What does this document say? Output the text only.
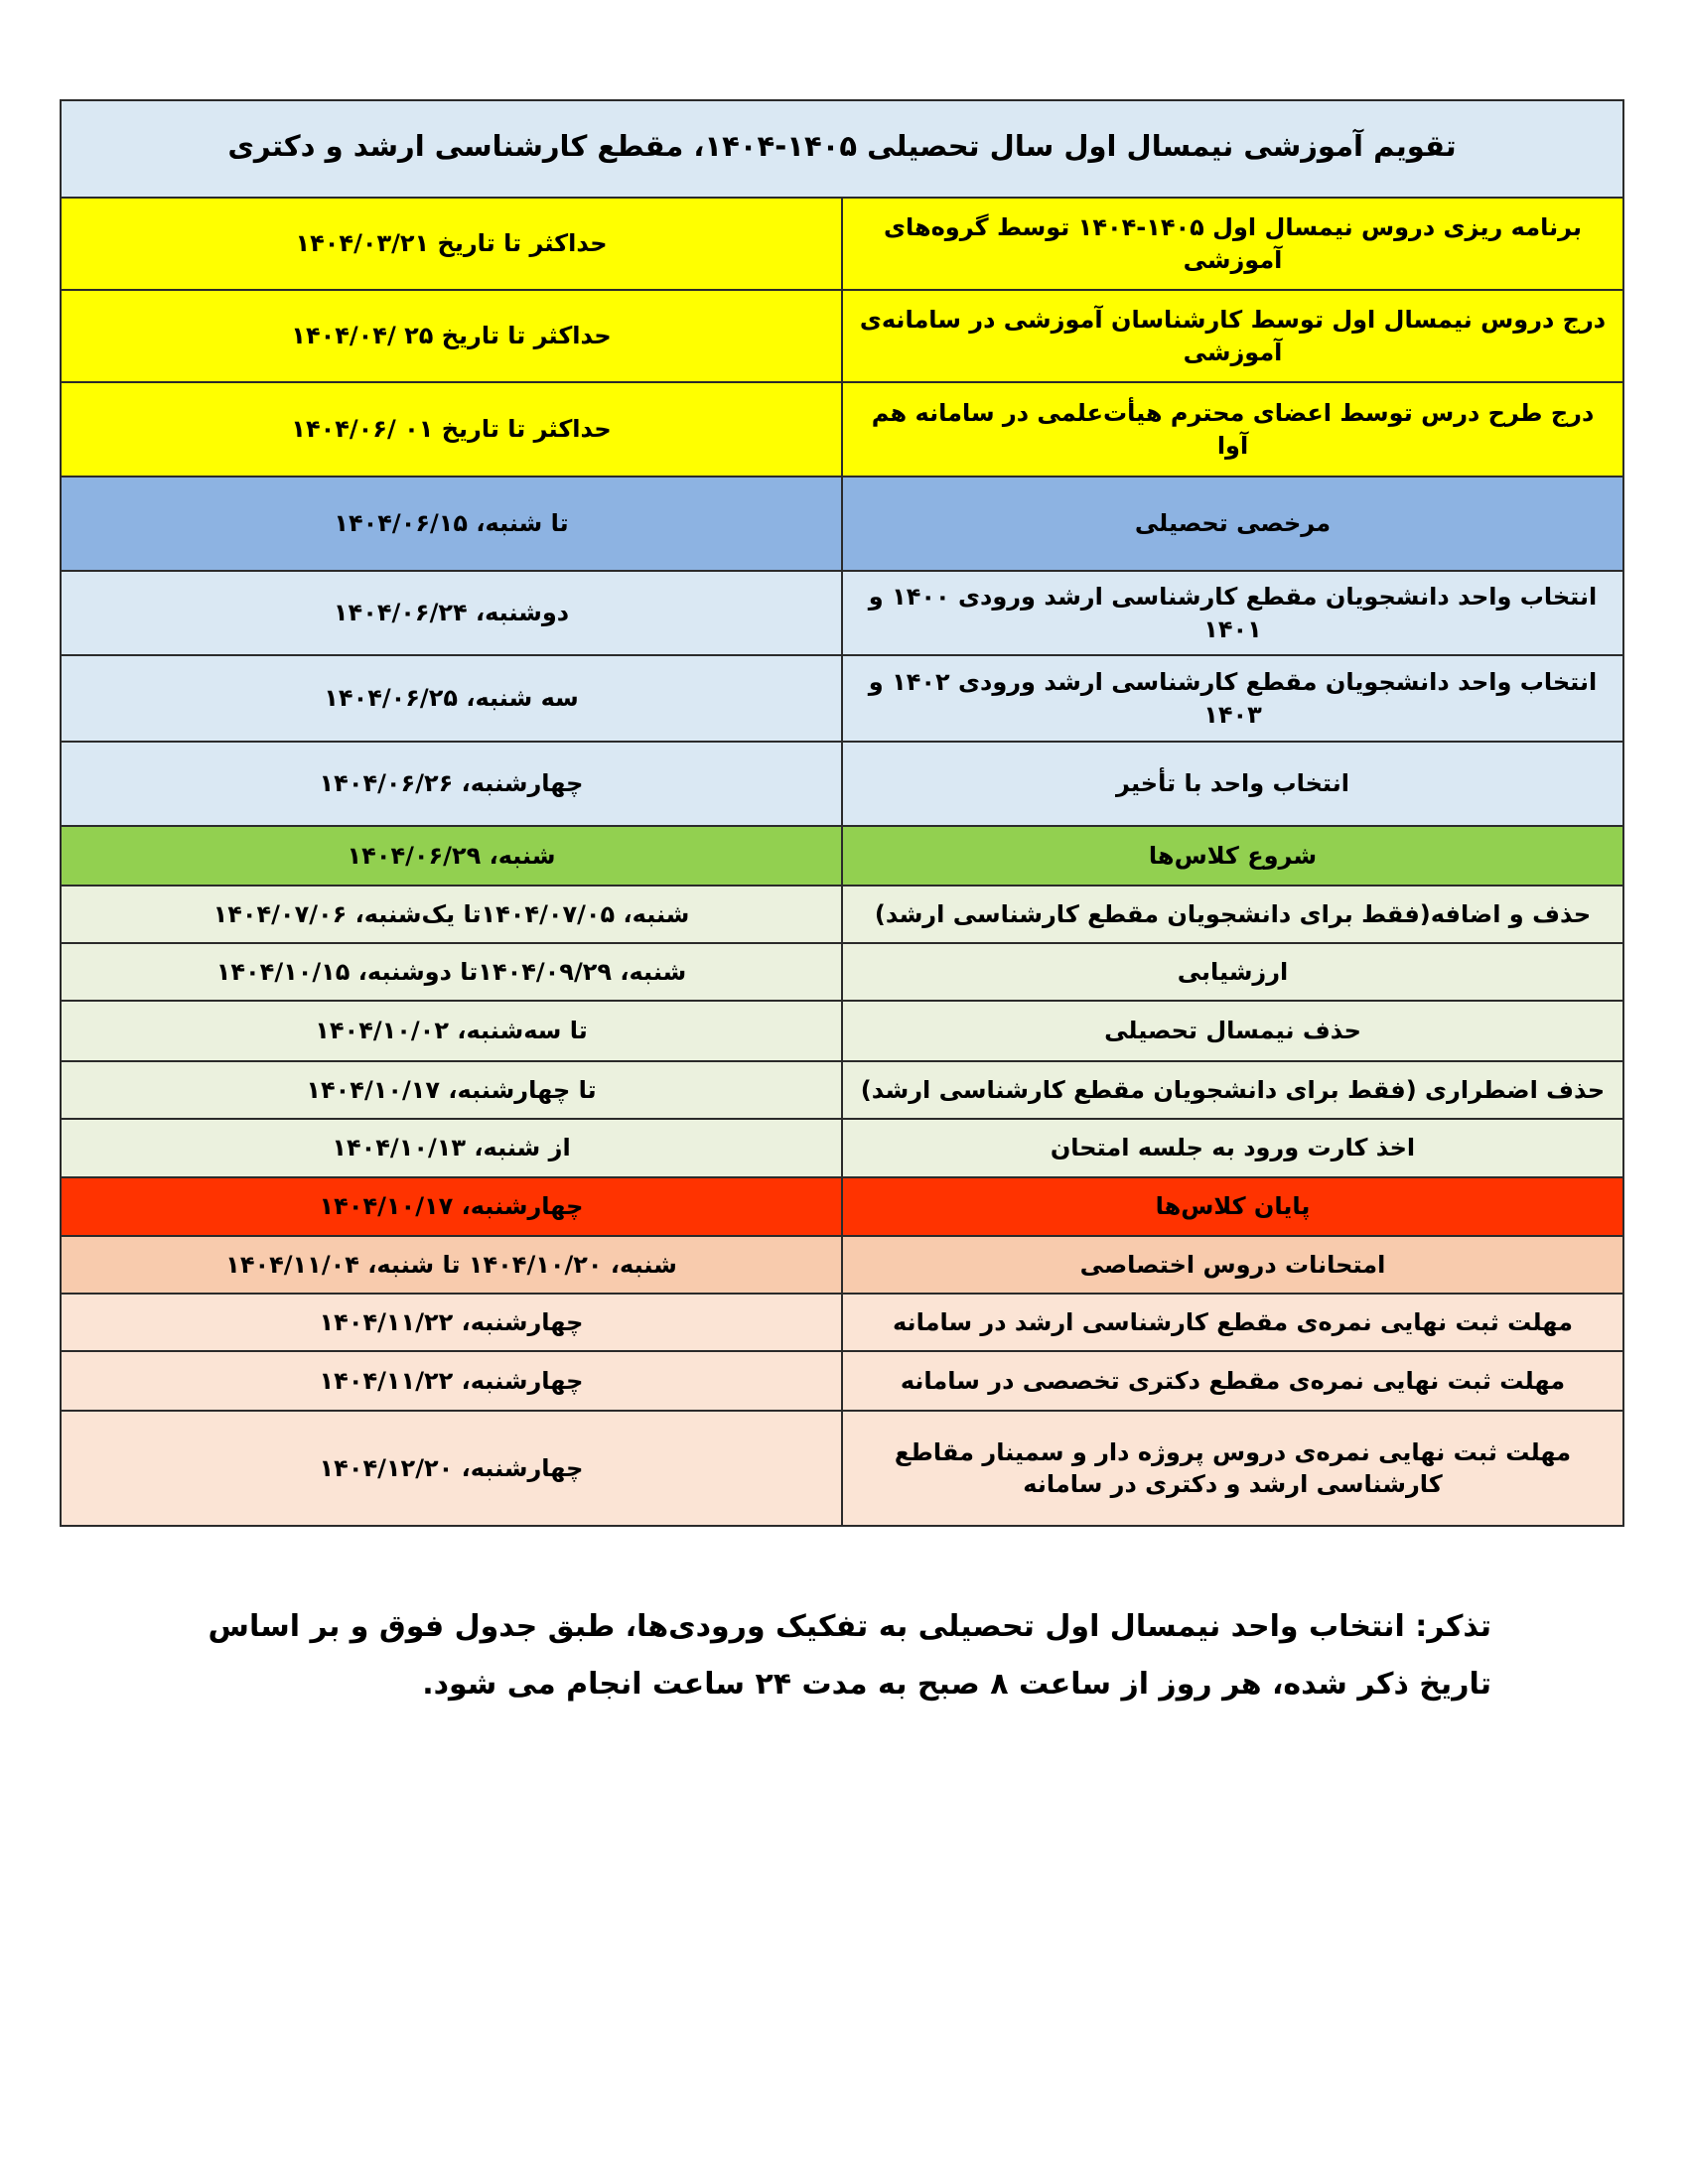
تقویم آموزشی نیمسال اول سال تحصیلی ۱۴۰۵-۱۴۰۴، مقطع کارشناسی ارشد و دکتری	
برنامه ریزی دروس نیمسال اول ۱۴۰۵-۱۴۰۴ توسط گروه‌های آموزشی	حداکثر تا تاریخ ۱۴۰۴/۰۳/۲۱
درج دروس نیمسال اول توسط کارشناسان آموزشی در سامانه‌ی آموزشی	حداکثر تا تاریخ ۲۵ /۱۴۰۴/۰۴
درج طرح درس توسط اعضای محترم هیأت‌علمی در سامانه هم آوا	حداکثر تا تاریخ ۰۱ /۱۴۰۴/۰۶
مرخصی تحصیلی	تا شنبه، ۱۴۰۴/۰۶/۱۵
انتخاب واحد دانشجویان مقطع کارشناسی ارشد ورودی ۱۴۰۰ و ۱۴۰۱	دوشنبه، ۱۴۰۴/۰۶/۲۴
انتخاب واحد دانشجویان مقطع کارشناسی ارشد ورودی ۱۴۰۲ و ۱۴۰۳	سه شنبه، ۱۴۰۴/۰۶/۲۵
انتخاب واحد با تأخیر	چهارشنبه، ۱۴۰۴/۰۶/۲۶
شروع کلاس‌ها	شنبه، ۱۴۰۴/۰۶/۲۹
حذف و اضافه(فقط برای دانشجویان مقطع کارشناسی ارشد)	شنبه، ۱۴۰۴/۰۷/۰۵تا یک‌شنبه، ۱۴۰۴/۰۷/۰۶
ارزشیابی	شنبه، ۱۴۰۴/۰۹/۲۹تا دوشنبه، ۱۴۰۴/۱۰/۱۵
حذف نیمسال تحصیلی	تا سه‌شنبه، ۱۴۰۴/۱۰/۰۲
حذف اضطراری (فقط برای دانشجویان مقطع کارشناسی ارشد)	تا چهارشنبه، ۱۴۰۴/۱۰/۱۷
اخذ کارت ورود به جلسه امتحان	از شنبه، ۱۴۰۴/۱۰/۱۳
پایان کلاس‌ها	چهارشنبه، ۱۴۰۴/۱۰/۱۷
امتحانات دروس اختصاصی	شنبه، ۱۴۰۴/۱۰/۲۰ تا شنبه، ۱۴۰۴/۱۱/۰۴
مهلت ثبت نهایی نمره‌ی مقطع کارشناسی ارشد در سامانه	چهارشنبه، ۱۴۰۴/۱۱/۲۲
مهلت ثبت نهایی نمره‌ی مقطع دکتری تخصصی در سامانه	چهارشنبه، ۱۴۰۴/۱۱/۲۲
مهلت ثبت نهایی نمره‌ی دروس پروژه دار و سمینار مقاطع کارشناسی ارشد و دکتری در سامانه	چهارشنبه، ۱۴۰۴/۱۲/۲۰
تذکر: انتخاب واحد نیمسال اول تحصیلی به تفکیک ورودی‌ها، طبق جدول فوق و بر اساس تاریخ ذکر شده، هر روز از ساعت ۸ صبح به مدت ۲۴ ساعت انجام می شود.
